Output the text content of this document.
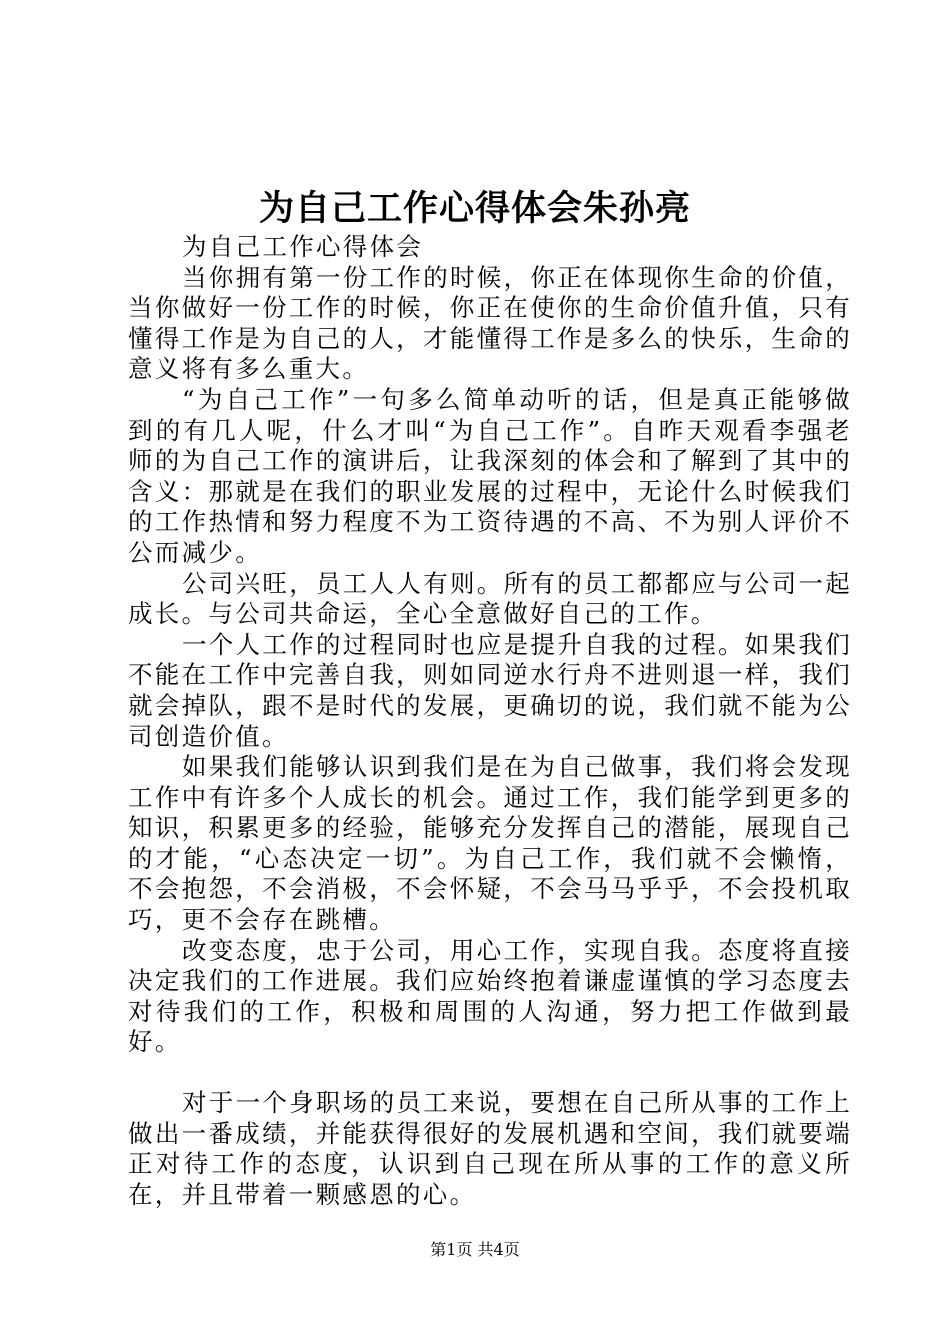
为自己工作心得体会朱孙亮

为自己工作心得体会

当你拥有第一份工作的时候，你正在体现你生命的价值，当你做好一份工作的时候，你正在使你的生命价值升值，只有懂得工作是为自己的人，才能懂得工作是多么的快乐，生命的意义将有多么重大。

“为自己工作”一句多么简单动听的话，但是真正能够做到的有几人呢，什么才叫“为自己工作”。自昨天观看李强老师的为自己工作的演讲后，让我深刻的体会和了解到了其中的含义：那就是在我们的职业发展的过程中，无论什么时候我们的工作热情和努力程度不为工资待遇的不高、不为别人评价不公而减少。

公司兴旺，员工人人有则。所有的员工都都应与公司一起成长。与公司共命运，全心全意做好自己的工作。

一个人工作的过程同时也应是提升自我的过程。如果我们不能在工作中完善自我，则如同逆水行舟不进则退一样，我们就会掉队，跟不是时代的发展，更确切的说，我们就不能为公司创造价值。

如果我们能够认识到我们是在为自己做事，我们将会发现工作中有许多个人成长的机会。通过工作，我们能学到更多的知识，积累更多的经验，能够充分发挥自己的潜能，展现自己的才能，“心态决定一切”。为自己工作，我们就不会懒惰，不会抱怨，不会消极，不会怀疑，不会马马乎乎，不会投机取巧，更不会存在跳槽。

改变态度，忠于公司，用心工作，实现自我。态度将直接决定我们的工作进展。我们应始终抱着谦虚谨慎的学习态度去对待我们的工作，积极和周围的人沟通，努力把工作做到最好。

对于一个身职场的员工来说，要想在自己所从事的工作上做出一番成绩，并能获得很好的发展机遇和空间，我们就要端正对待工作的态度，认识到自己现在所从事的工作的意义所在，并且带着一颗感恩的心。

第1页 共4页
